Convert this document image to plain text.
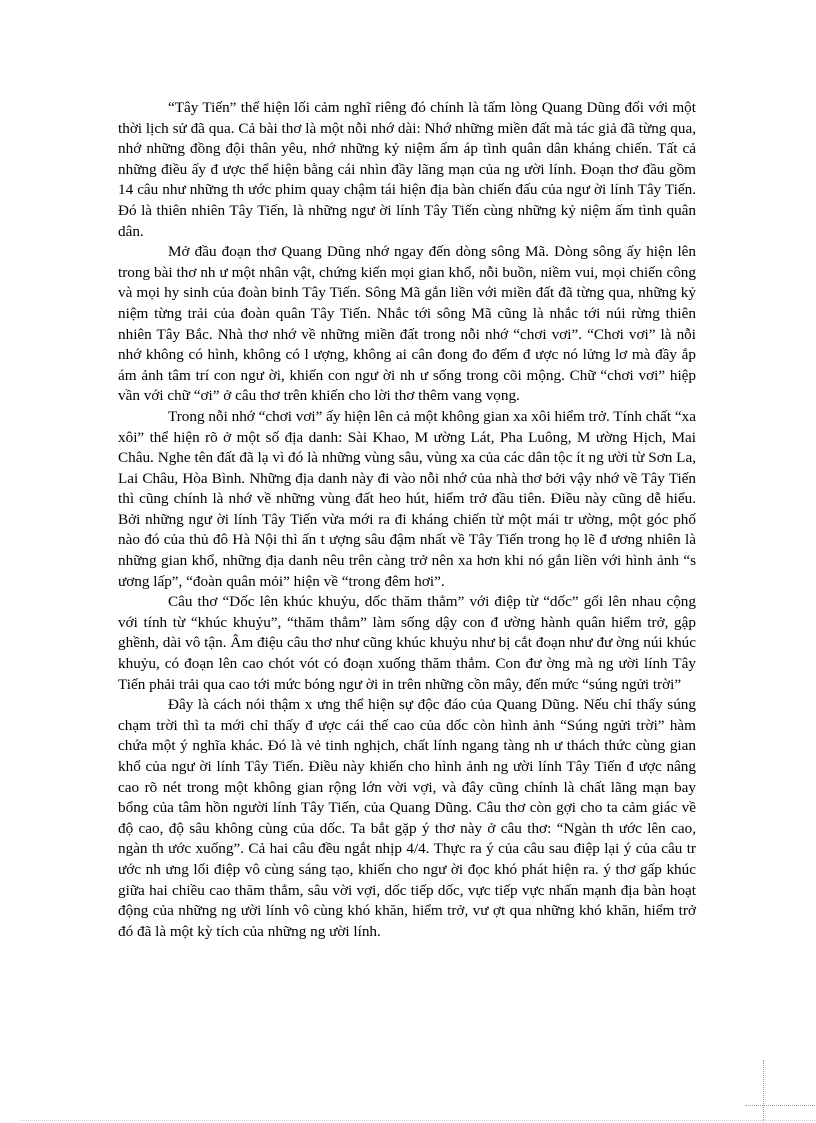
“Tây Tiến” thể hiện lối cảm nghĩ riêng đó chính là tấm lòng Quang Dũng đối với một thời lịch sử đã qua. Cả bài thơ là một nỗi nhớ dài: Nhớ những miền đất mà tác giả đã từng qua, nhớ những đồng đội thân yêu, nhớ những kỷ niệm ấm áp tình quân dân kháng chiến. Tất cả những điều ấy đ ược thể hiện bằng cái nhìn đầy lãng mạn của ng ười lính. Đoạn thơ đầu gồm 14 câu như những th ước phim quay chậm tái hiện địa bàn chiến đấu của ngư ời lính Tây Tiến. Đó là thiên nhiên Tây Tiến, là những ngư ời lính Tây Tiến cùng những kỷ niệm ấm tình quân dân.

Mở đầu đoạn thơ Quang Dũng nhớ ngay đến dòng sông Mã. Dòng sông ấy hiện lên trong bài thơ nh ư một nhân vật, chứng kiến mọi gian khổ, nỗi buồn, niềm vui, mọi chiến công và mọi hy sinh của đoàn binh Tây Tiến. Sông Mã gắn liền với miền đất đã từng qua, những kỷ niệm từng trải của đoàn quân Tây Tiến. Nhắc tới sông Mã cũng là nhắc tới núi rừng thiên nhiên Tây Bắc. Nhà thơ nhớ về những miền đất trong nỗi nhớ “chơi vơi”. “Chơi vơi” là nỗi nhớ không có hình, không có l ượng, không ai cân đong đo đếm đ ược nó lửng lơ mà đầy ắp ám ảnh tâm trí con ngư ời, khiến con ngư ời nh ư sống trong cõi mộng. Chữ “chơi vơi” hiệp vần với chữ “ơi” ở câu thơ trên khiến cho lời thơ thêm vang vọng.

Trong nỗi nhớ “chơi vơi” ấy hiện lên cả một không gian xa xôi hiểm trở. Tính chất “xa xôi” thể hiện rõ ở một số địa danh: Sài Khao, M ường Lát, Pha Luông, M ường Hịch, Mai Châu. Nghe tên đất đã lạ vì đó là những vùng sâu, vùng xa của các dân tộc ít ng ười từ Sơn La, Lai Châu, Hòa Bình. Những địa danh này đi vào nỗi nhớ của nhà thơ bởi vậy nhớ về Tây Tiến thì cũng chính là nhớ về những vùng đất heo hút, hiểm trở đầu tiên. Điều này cũng dễ hiểu. Bởi những ngư ời lính Tây Tiến vừa mới ra đi kháng chiến từ một mái tr ường, một góc phố nào đó của thủ đô Hà Nội thì ấn t ượng sâu đậm nhất về Tây Tiến trong họ lẽ đ ương nhiên là những gian khổ, những địa danh nêu trên càng trở nên xa hơn khi nó gắn liền với hình ảnh “s ương lấp”, “đoàn quân mỏi” hiện về “trong đêm hơi”.

Câu thơ “Dốc lên khúc khuỷu, dốc thăm thẳm” với điệp từ “dốc” gối lên nhau cộng với tính từ “khúc khuỷu”, “thăm thẳm” làm sống dậy con đ ường hành quân hiểm trở, gập ghềnh, dài vô tận. Âm điệu câu thơ như cũng khúc khuỷu như bị cắt đoạn như đư ờng núi khúc khuỷu, có đoạn lên cao chót vót có đoạn xuống thăm thẳm. Con đư ờng mà ng ười lính Tây Tiến phải trải qua cao tới mức bóng ngư ời in trên những cồn mây, đến mức “súng ngửi trời”

Đây là cách nói thậm x ưng thể hiện sự độc đáo của Quang Dũng. Nếu chỉ thấy súng chạm trời thì ta mới chỉ thấy đ ược cái thế cao của dốc còn hình ảnh “Súng ngửi trời” hàm chứa một ý nghĩa khác. Đó là vẻ tinh nghịch, chất lính ngang tàng nh ư thách thức cùng gian khổ của ngư ời lính Tây Tiến. Điều này khiến cho hình ảnh ng ười lính Tây Tiến đ ược nâng cao rõ nét trong một không gian rộng lớn vời vợi, và đây cũng chính là chất lãng mạn bay bổng của tâm hồn người lính Tây Tiến, của Quang Dũng. Câu thơ còn gợi cho ta cảm giác về độ cao, độ sâu không cùng của dốc. Ta bắt gặp ý thơ này ở câu thơ: “Ngàn th ước lên cao, ngàn th ước xuống”. Cả hai câu đều ngắt nhịp 4/4. Thực ra ý của câu sau điệp lại ý của câu tr ước nh ưng lối điệp vô cùng sáng tạo, khiến cho ngư ời đọc khó phát hiện ra. ý thơ gấp khúc giữa hai chiều cao thăm thẳm, sâu vời vợi, dốc tiếp dốc, vực tiếp vực nhấn mạnh địa bàn hoạt động của những ng ười lính vô cùng khó khăn, hiểm trở, vư ợt qua những khó khăn, hiểm trở đó đã là một kỳ tích của những ng ười lính.
